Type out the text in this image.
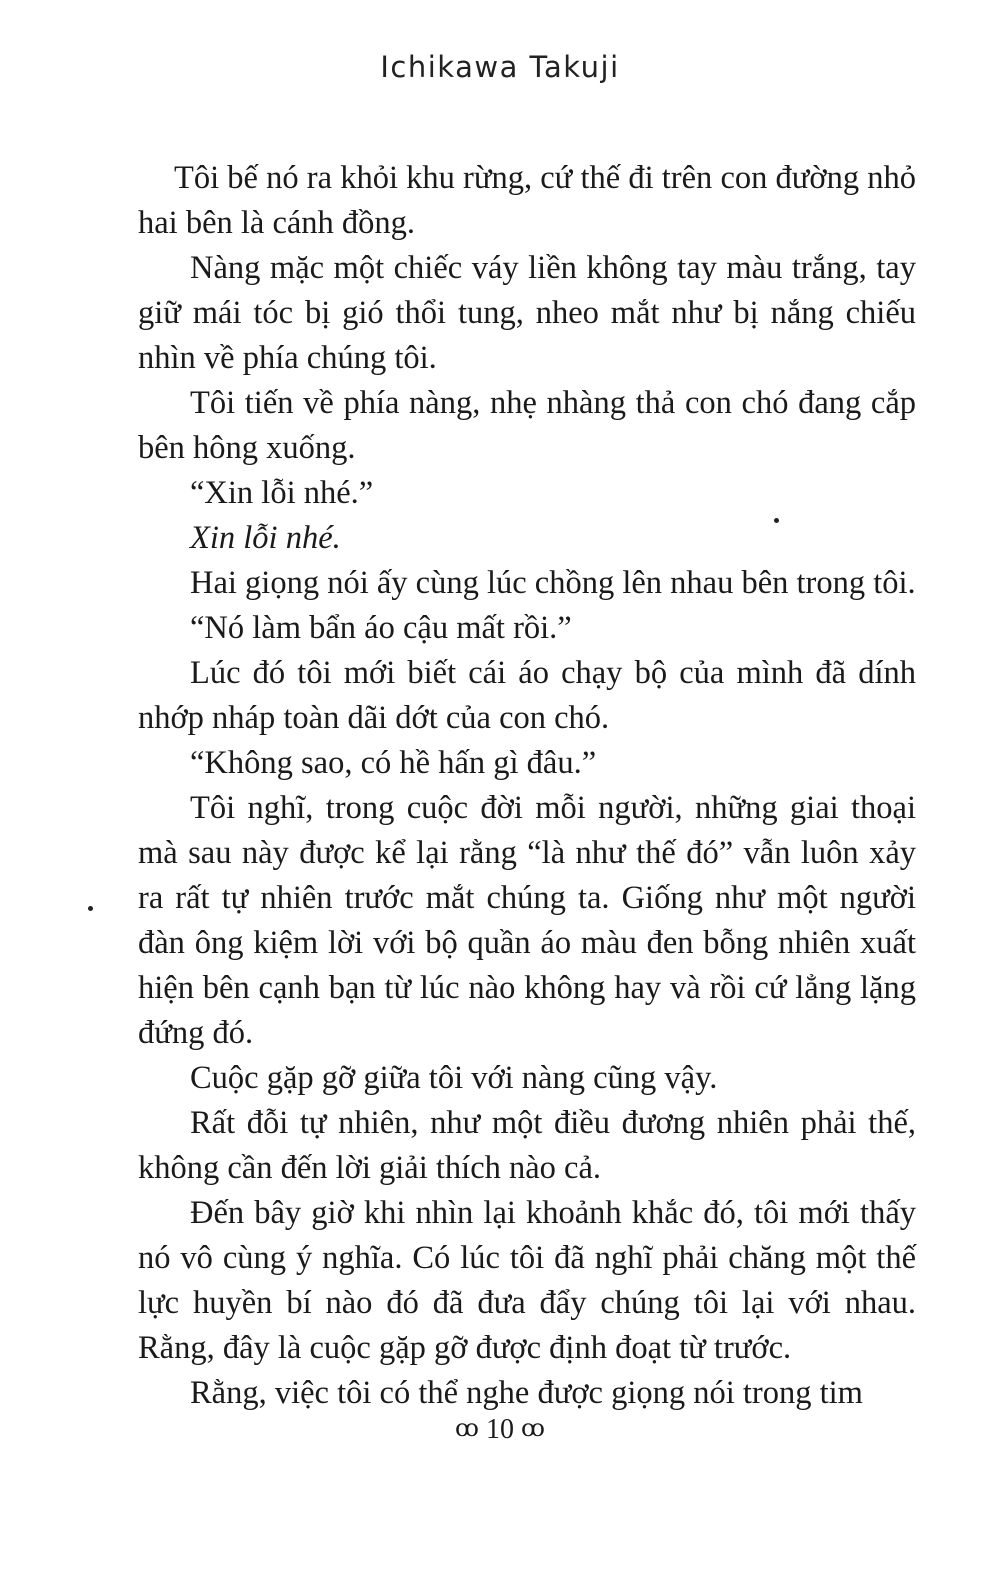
Ichikawa Takuji

Tôi bế nó ra khỏi khu rừng, cứ thế đi trên con đường nhỏ hai bên là cánh đồng.

Nàng mặc một chiếc váy liền không tay màu trắng, tay giữ mái tóc bị gió thổi tung, nheo mắt như bị nắng chiếu nhìn về phía chúng tôi.

Tôi tiến về phía nàng, nhẹ nhàng thả con chó đang cắp bên hông xuống.

“Xin lỗi nhé.”

Xin lỗi nhé.

Hai giọng nói ấy cùng lúc chồng lên nhau bên trong tôi.

“Nó làm bẩn áo cậu mất rồi.”

Lúc đó tôi mới biết cái áo chạy bộ của mình đã dính nhớp nháp toàn dãi dớt của con chó.

“Không sao, có hề hấn gì đâu.”

Tôi nghĩ, trong cuộc đời mỗi người, những giai thoại mà sau này được kể lại rằng “là như thế đó” vẫn luôn xảy ra rất tự nhiên trước mắt chúng ta. Giống như một người đàn ông kiệm lời với bộ quần áo màu đen bỗng nhiên xuất hiện bên cạnh bạn từ lúc nào không hay và rồi cứ lẳng lặng đứng đó.

Cuộc gặp gỡ giữa tôi với nàng cũng vậy.

Rất đỗi tự nhiên, như một điều đương nhiên phải thế, không cần đến lời giải thích nào cả.

Đến bây giờ khi nhìn lại khoảnh khắc đó, tôi mới thấy nó vô cùng ý nghĩa. Có lúc tôi đã nghĩ phải chăng một thế lực huyền bí nào đó đã đưa đẩy chúng tôi lại với nhau. Rằng, đây là cuộc gặp gỡ được định đoạt từ trước.

Rằng, việc tôi có thể nghe được giọng nói trong tim

ꝏ 10 ꝏ
